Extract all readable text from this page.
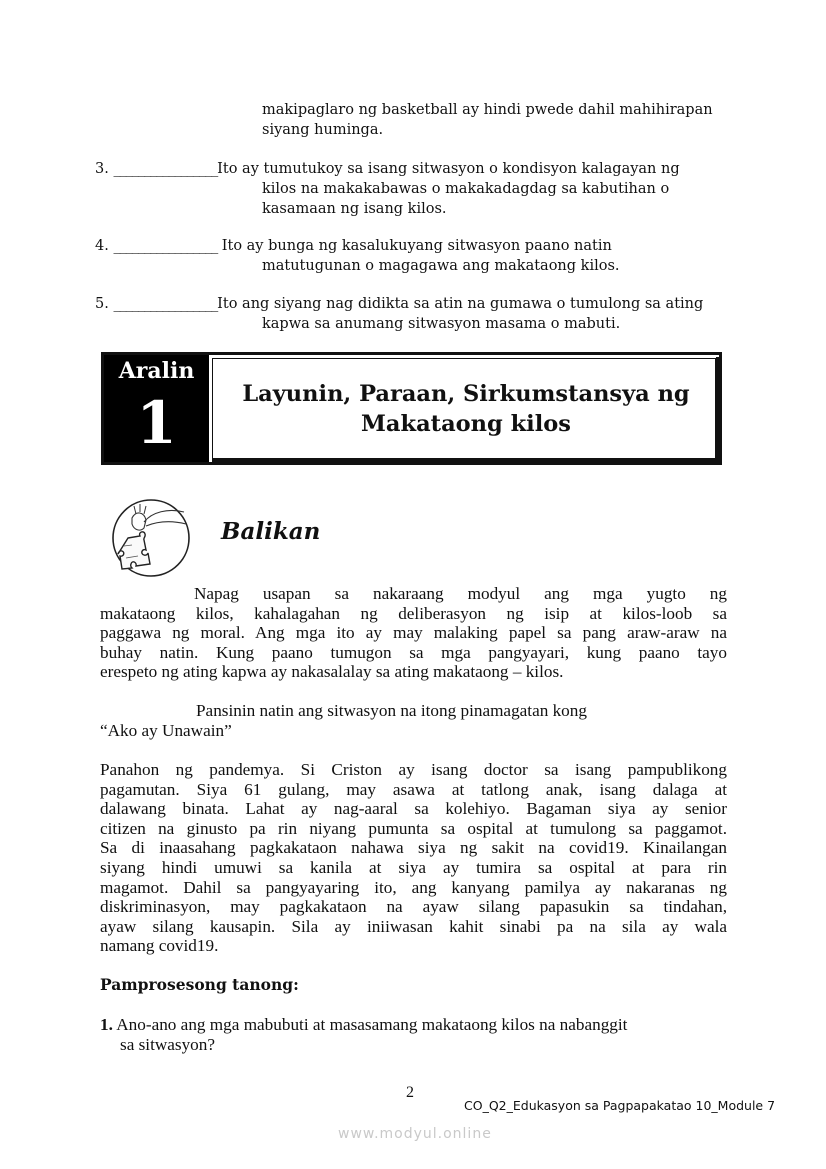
makipaglaro ng basketball ay hindi pwede dahil mahihirapan
siyang huminga.
3. _________________Ito ay tumutukoy sa isang sitwasyon o kondisyon kalagayan ng
kilos na makakabawas o makakadagdag sa kabutihan o
kasamaan ng isang kilos.
4. _________________ Ito ay bunga ng kasalukuyang sitwasyon paano natin
matutugunan o magagawa ang makataong kilos.
5. _________________Ito ang siyang nag didikta sa atin na gumawa o tumulong sa ating
kapwa sa anumang sitwasyon masama o mabuti.
Aralin
1	Layunin, Paraan, Sirkumstansya ng
Makataong kilos
Balikan
Napag usapan sa nakaraang modyul ang mga yugto ng
makataong kilos, kahalagahan ng deliberasyon ng isip at kilos-loob sa
paggawa ng moral. Ang mga ito ay may malaking papel sa pang araw-araw na
buhay natin. Kung paano tumugon sa mga pangyayari, kung paano tayo
erespeto ng ating kapwa ay nakasalalay sa ating makataong – kilos.
Pansinin natin ang sitwasyon na itong pinamagatan kong
“Ako ay Unawain”
Panahon ng pandemya. Si Criston ay isang doctor sa isang pampublikong
pagamutan. Siya 61 gulang, may asawa at tatlong anak, isang dalaga at
dalawang binata. Lahat ay nag-aaral sa kolehiyo. Bagaman siya ay senior
citizen na ginusto pa rin niyang pumunta sa ospital at tumulong sa paggamot.
Sa di inaasahang pagkakataon nahawa siya ng sakit na covid19. Kinailangan
siyang hindi umuwi sa kanila at siya ay tumira sa ospital at para rin
magamot. Dahil sa pangyayaring ito, ang kanyang pamilya ay nakaranas ng
diskriminasyon, may pagkakataon na ayaw silang papasukin sa tindahan,
ayaw silang kausapin. Sila ay iniiwasan kahit sinabi pa na sila ay wala
namang covid19.
Pamprosesong tanong:
1. Ano-ano ang mga mabubuti at masasamang makataong kilos na nabanggit
sa sitwasyon?
2
CO_Q2_Edukasyon sa Pagpapakatao 10_Module 7
www.modyul.online
